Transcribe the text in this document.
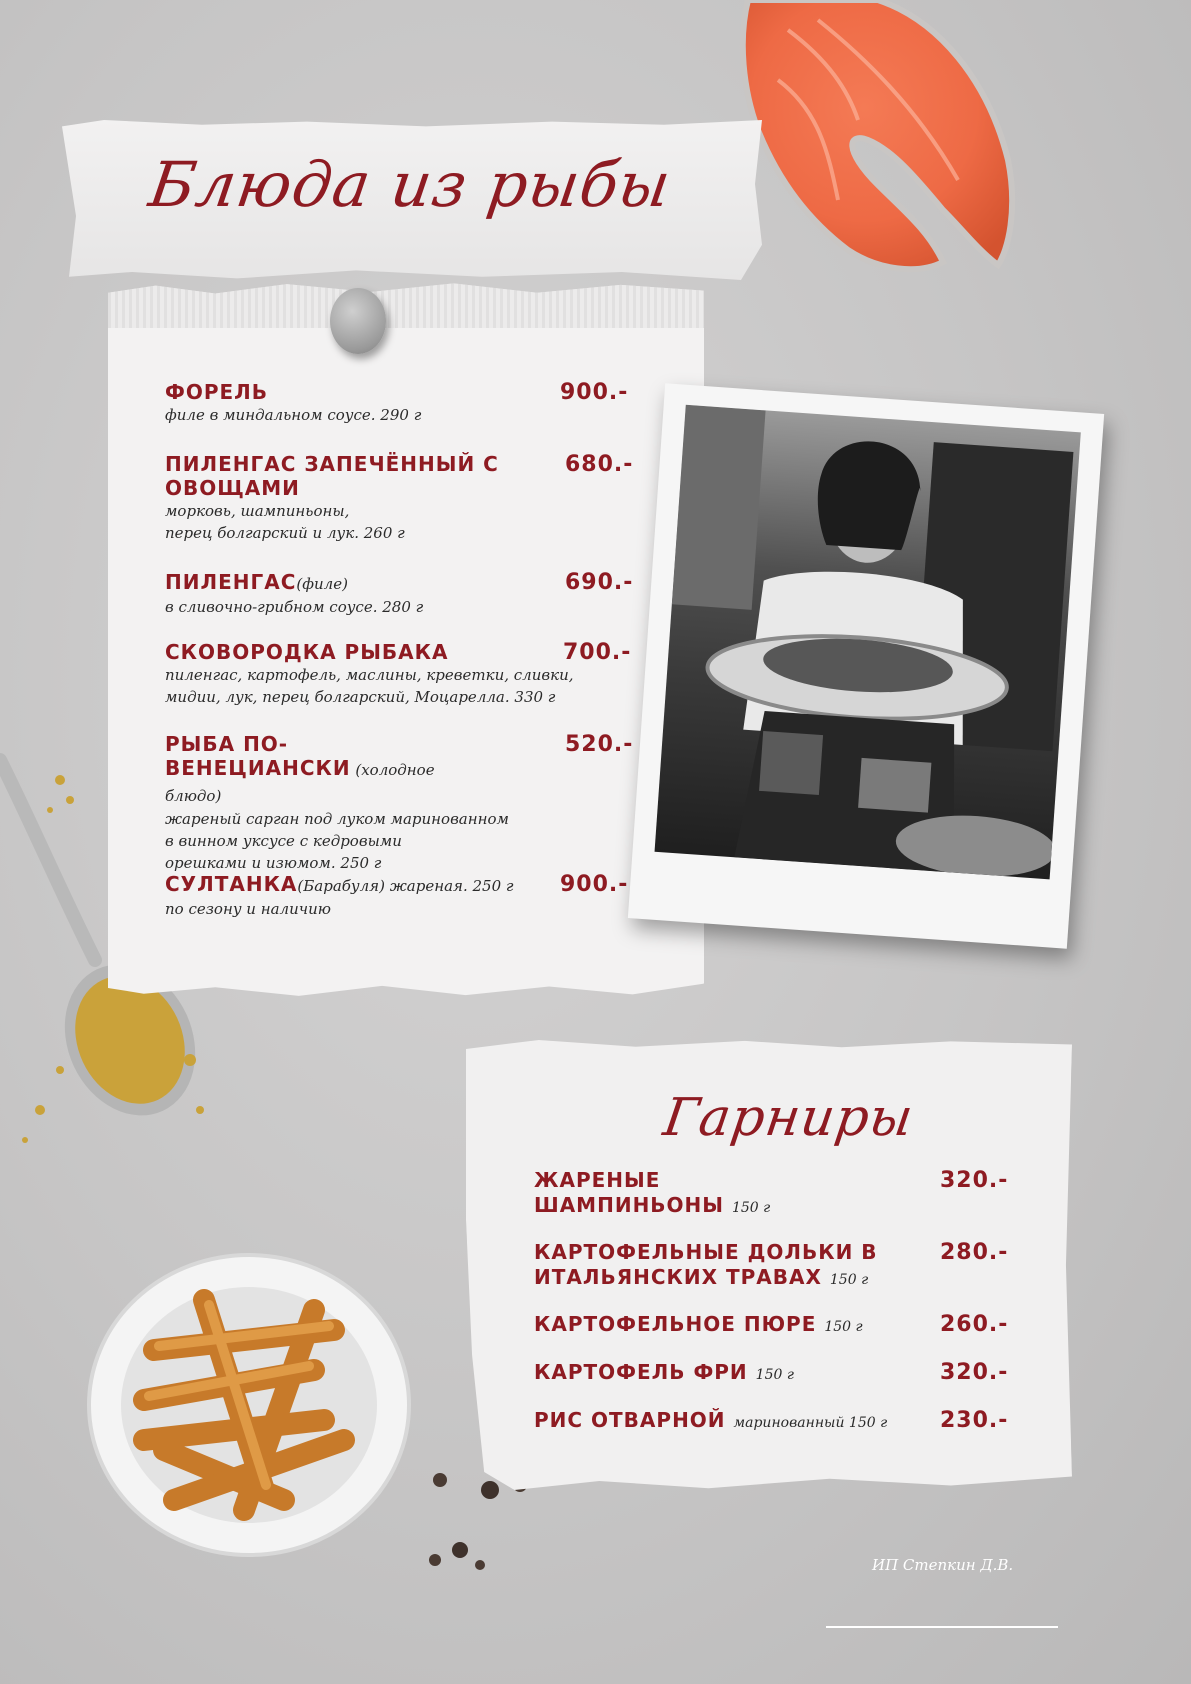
Блюда из рыбы
ФОРЕЛЬ
филе в миндальном соусе. 290 г
900.-
ПИЛЕНГАС ЗАПЕЧЁННЫЙ С ОВОЩАМИ
морковь, шампиньоны,
перец болгарский и лук. 260 г
680.-
ПИЛЕНГАС(филе)
в сливочно-грибном соусе. 280 г
690.-
СКОВОРОДКА РЫБАКА
пиленгас, картофель, маслины, креветки, сливки,
мидии, лук, перец болгарский, Моцарелла. 330 г
700.-
РЫБА ПО-ВЕНЕЦИАНСКИ (холодное блюдо)
жареный сарган под луком маринованном
в винном уксусе с кедровыми
орешками и изюмом. 250 г
520.-
СУЛТАНКА(Барабуля) жареная. 250 г
по сезону и наличию
900.-
Гарниры
ЖАРЕНЫЕ ШАМПИНЬОНЫ 150 г
320.-
КАРТОФЕЛЬНЫЕ ДОЛЬКИ В ИТАЛЬЯНСКИХ ТРАВАХ 150 г
280.-
КАРТОФЕЛЬНОЕ ПЮРЕ 150 г	260.-
КАРТОФЕЛЬ ФРИ 150 г	320.-
РИС ОТВАРНОЙ маринованный 150 г	230.-
ИП Степкин Д.В.
